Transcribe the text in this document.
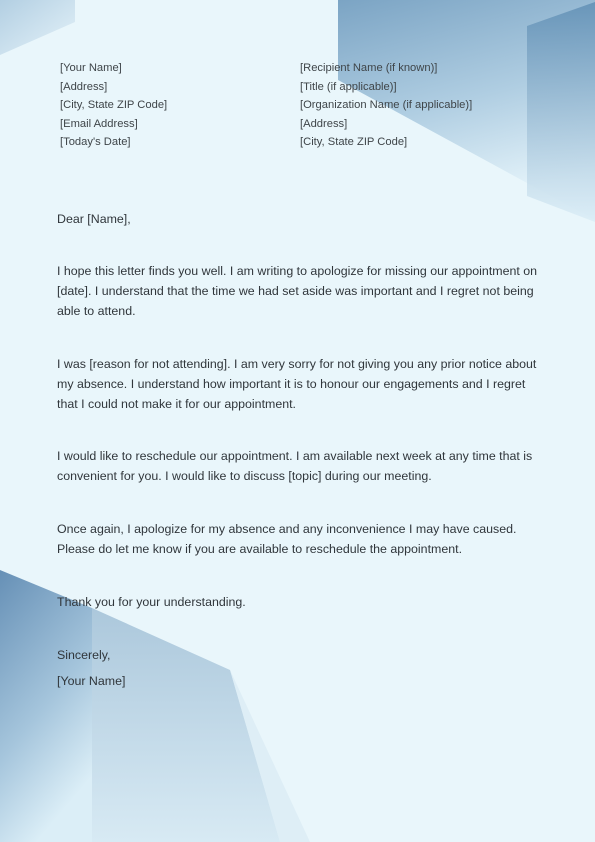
[Your Name]
[Address]
[City, State ZIP Code]
[Email Address]
[Today's Date]
[Recipient Name (if known)]
[Title (if applicable)]
[Organization Name (if applicable)]
[Address]
[City, State ZIP Code]

Dear [Name],

I hope this letter finds you well. I am writing to apologize for missing our appointment on [date]. I understand that the time we had set aside was important and I regret not being able to attend.

I was [reason for not attending]. I am very sorry for not giving you any prior notice about my absence. I understand how important it is to honour our engagements and I regret that I could not make it for our appointment.

I would like to reschedule our appointment. I am available next week at any time that is convenient for you. I would like to discuss [topic] during our meeting.

Once again, I apologize for my absence and any inconvenience I may have caused. Please do let me know if you are available to reschedule the appointment.

Thank you for your understanding.

Sincerely,

[Your Name]
